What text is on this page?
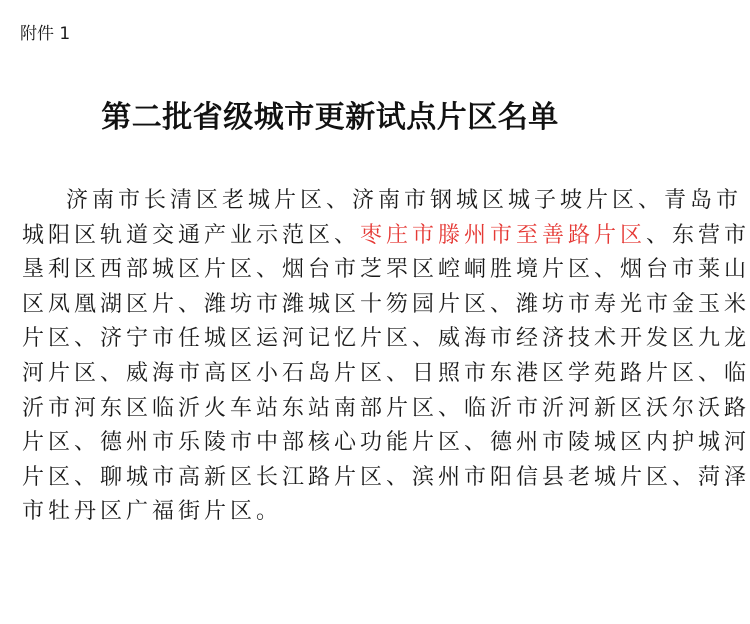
附件 1
第二批省级城市更新试点片区名单
济南市长清区老城片区、济南市钢城区城子坡片区、青岛市
城阳区轨道交通产业示范区、枣庄市滕州市至善路片区、东营市
垦利区西部城区片区、烟台市芝罘区崆峒胜境片区、烟台市莱山
区凤凰湖区片、潍坊市潍城区十笏园片区、潍坊市寿光市金玉米
片区、济宁市任城区运河记忆片区、威海市经济技术开发区九龙
河片区、威海市高区小石岛片区、日照市东港区学苑路片区、临
沂市河东区临沂火车站东站南部片区、临沂市沂河新区沃尔沃路
片区、德州市乐陵市中部核心功能片区、德州市陵城区内护城河
片区、聊城市高新区长江路片区、滨州市阳信县老城片区、菏泽
市牡丹区广福街片区。
